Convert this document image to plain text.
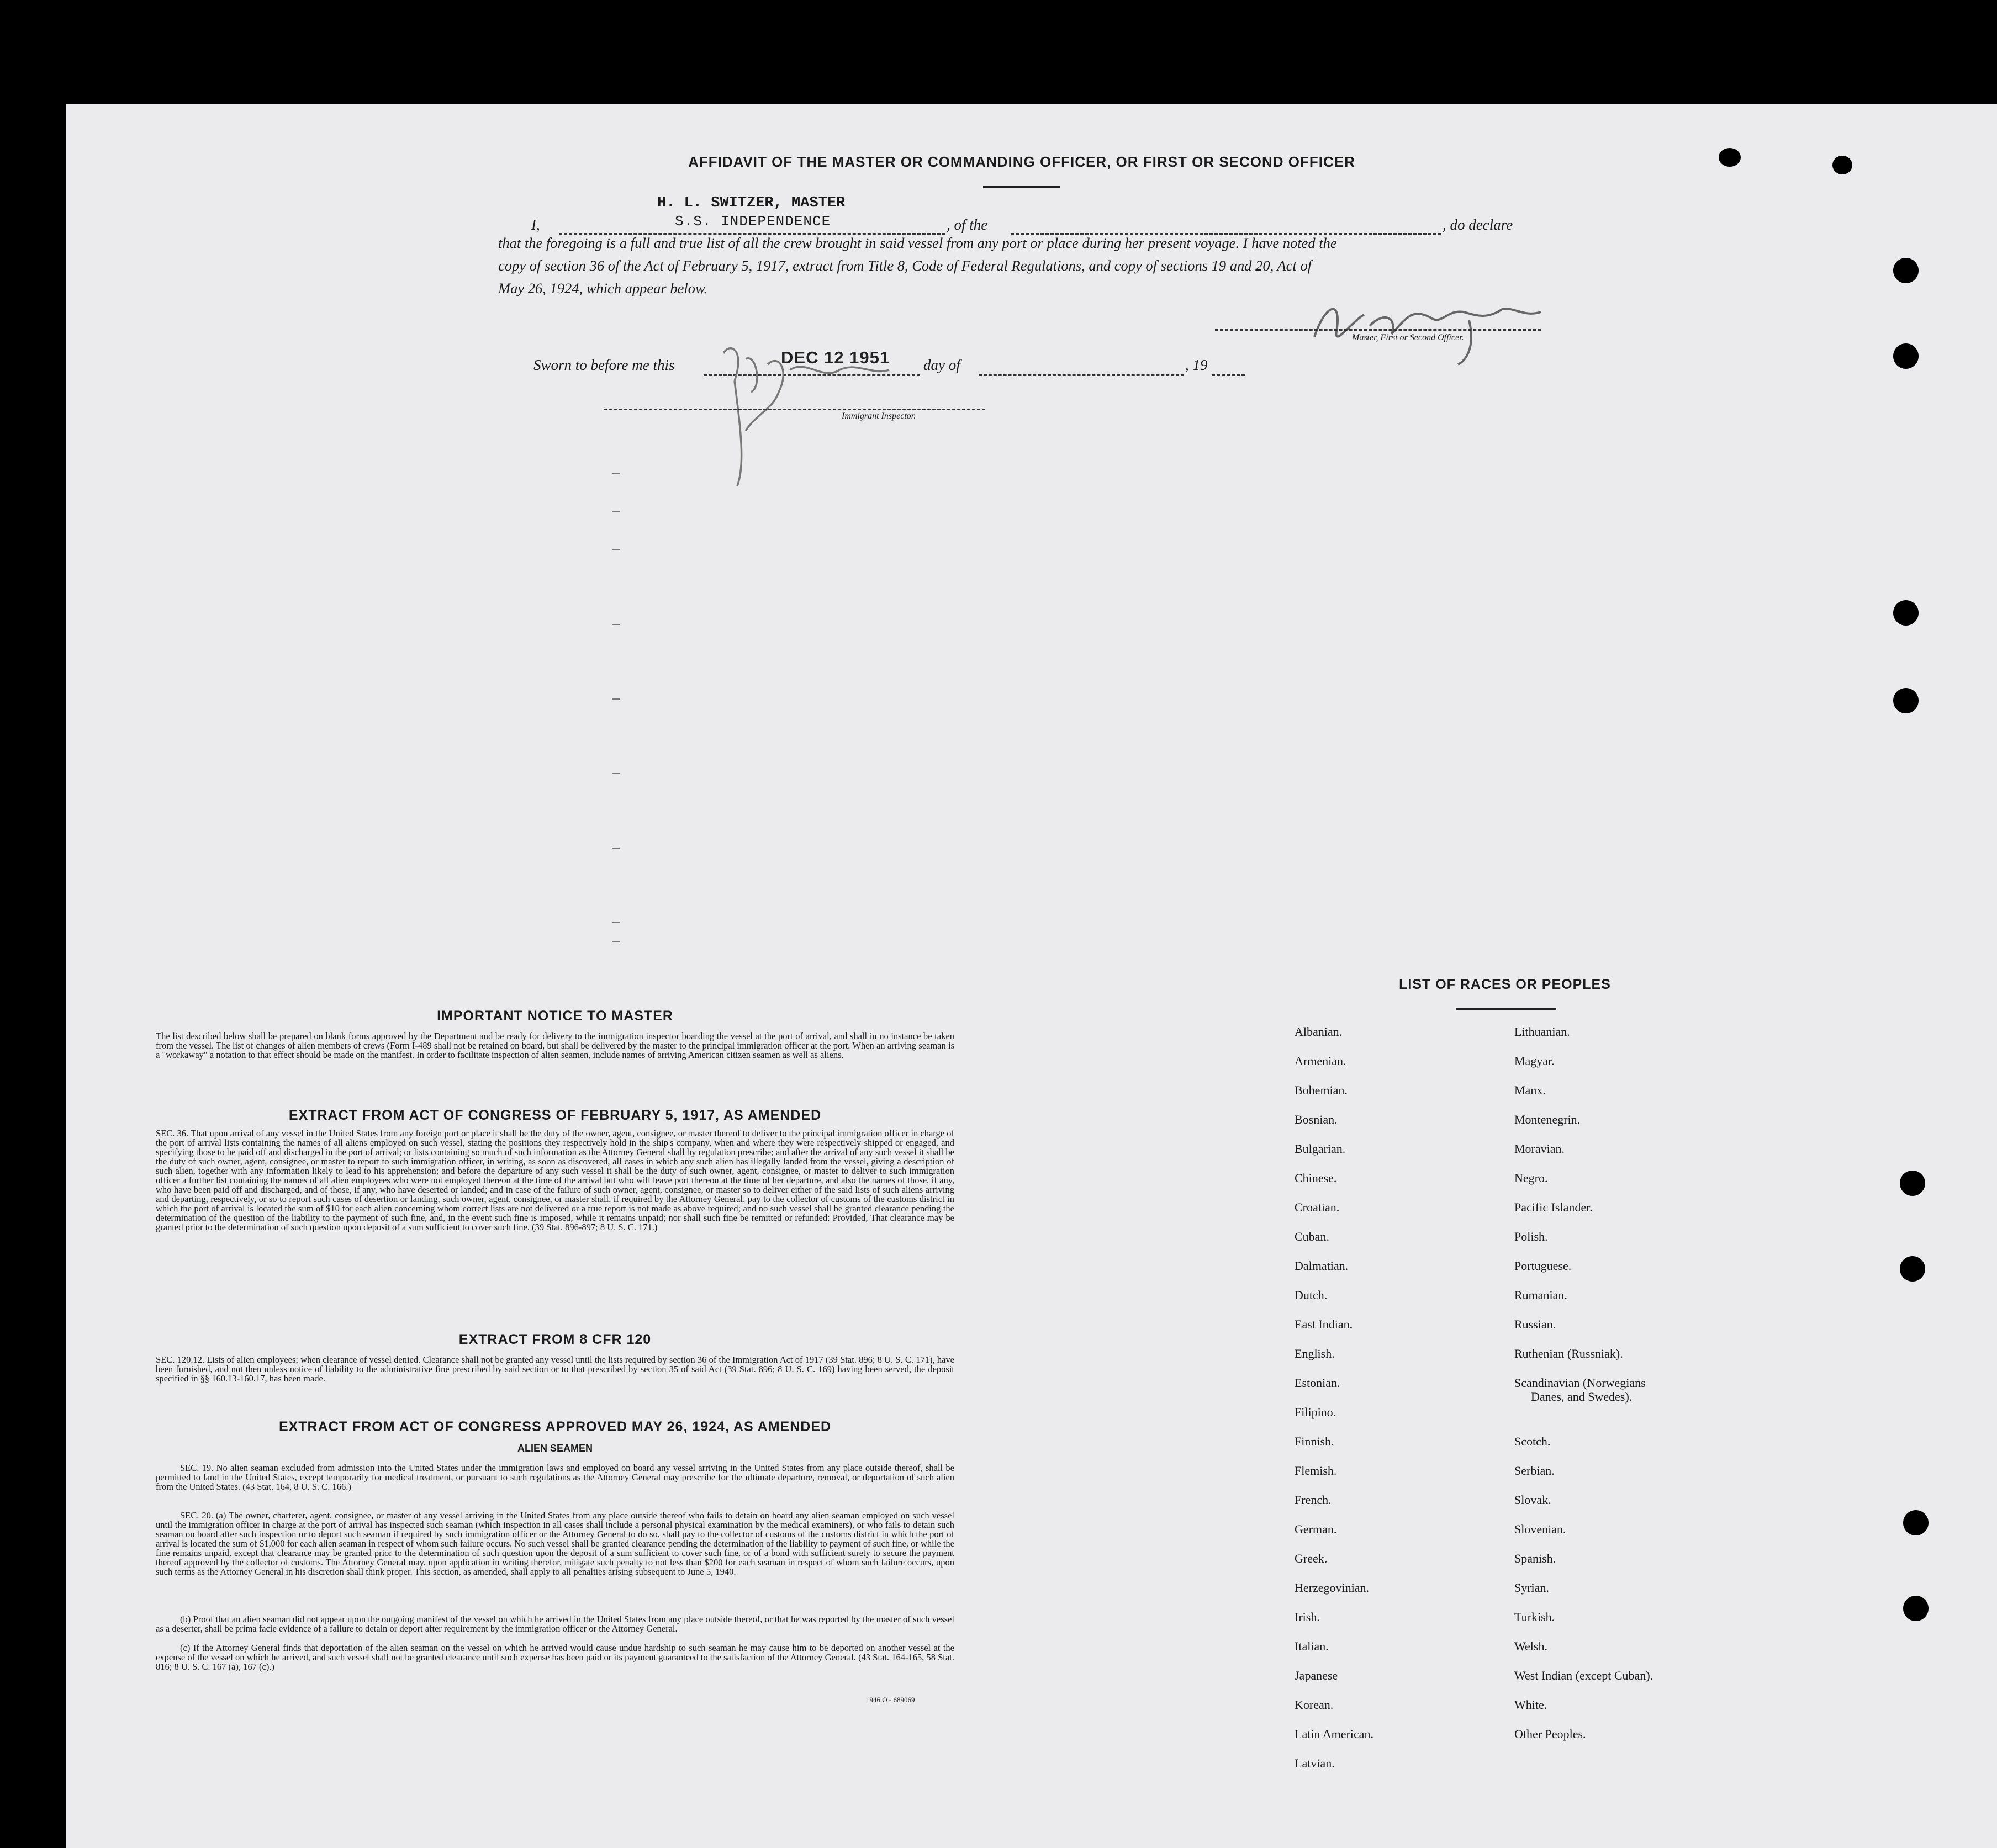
AFFIDAVIT OF THE MASTER OR COMMANDING OFFICER, OR FIRST OR SECOND OFFICER
H. L. SWITZER, MASTER
I,	S.S. INDEPENDENCE	, of the	, do declare
that the foregoing is a full and true list of all the crew brought in said vessel from any port or place during her present voyage. I have noted the
copy of section 36 of the Act of February 5, 1917, extract from Title 8, Code of Federal Regulations, and copy of sections 19 and 20, Act of
May 26, 1924, which appear below.
Master, First or Second Officer.
Sworn to before me this	DEC 12 1951 day of	, 19
Immigrant Inspector.
IMPORTANT NOTICE TO MASTER
The list described below shall be prepared on blank forms approved by the Department and be ready for delivery to the immigration inspector boarding the vessel at the port of arrival, and shall in no instance be taken from the vessel. The list of changes of alien members of crews (Form I-489 shall not be retained on board, but shall be delivered by the master to the principal immigration officer at the port. When an arriving seaman is a "workaway" a notation to that effect should be made on the manifest. In order to facilitate inspection of alien seamen, include names of arriving American citizen seamen as well as aliens.
EXTRACT FROM ACT OF CONGRESS OF FEBRUARY 5, 1917, AS AMENDED
SEC. 36. That upon arrival of any vessel in the United States from any foreign port or place it shall be the duty of the owner, agent, consignee, or master thereof to deliver to the principal immigration officer in charge of the port of arrival lists containing the names of all aliens employed on such vessel, stating the positions they respectively hold in the ship's company, when and where they were respectively shipped or engaged, and specifying those to be paid off and discharged in the port of arrival; or lists containing so much of such information as the Attorney General shall by regulation prescribe; and after the arrival of any such vessel it shall be the duty of such owner, agent, consignee, or master to report to such immigration officer, in writing, as soon as discovered, all cases in which any such alien has illegally landed from the vessel, giving a description of such alien, together with any information likely to lead to his apprehension; and before the departure of any such vessel it shall be the duty of such owner, agent, consignee, or master to deliver to such immigration officer a further list containing the names of all alien employees who were not employed thereon at the time of the arrival but who will leave port thereon at the time of her departure, and also the names of those, if any, who have been paid off and discharged, and of those, if any, who have deserted or landed; and in case of the failure of such owner, agent, consignee, or master so to deliver either of the said lists of such aliens arriving and departing, respectively, or so to report such cases of desertion or landing, such owner, agent, consignee, or master shall, if required by the Attorney General, pay to the collector of customs of the customs district in which the port of arrival is located the sum of $10 for each alien concerning whom correct lists are not delivered or a true report is not made as above required; and no such vessel shall be granted clearance pending the determination of the question of the liability to the payment of such fine, and, in the event such fine is imposed, while it remains unpaid; nor shall such fine be remitted or refunded: Provided, That clearance may be granted prior to the determination of such question upon deposit of a sum sufficient to cover such fine. (39 Stat. 896-897; 8 U. S. C. 171.)
EXTRACT FROM 8 CFR 120
SEC. 120.12. Lists of alien employees; when clearance of vessel denied. Clearance shall not be granted any vessel until the lists required by section 36 of the Immigration Act of 1917 (39 Stat. 896; 8 U. S. C. 171), have been furnished, and not then unless notice of liability to the administrative fine prescribed by said section or to that prescribed by section 35 of said Act (39 Stat. 896; 8 U. S. C. 169) having been served, the deposit specified in §§ 160.13-160.17, has been made.
EXTRACT FROM ACT OF CONGRESS APPROVED MAY 26, 1924, AS AMENDED
ALIEN SEAMEN
SEC. 19. No alien seaman excluded from admission into the United States under the immigration laws and employed on board any vessel arriving in the United States from any place outside thereof, shall be permitted to land in the United States, except temporarily for medical treatment, or pursuant to such regulations as the Attorney General may prescribe for the ultimate departure, removal, or deportation of such alien from the United States. (43 Stat. 164, 8 U. S. C. 166.)
SEC. 20. (a) The owner, charterer, agent, consignee, or master of any vessel arriving in the United States from any place outside thereof who fails to detain on board any alien seaman employed on such vessel until the immigration officer in charge at the port of arrival has inspected such seaman (which inspection in all cases shall include a personal physical examination by the medical examiners), or who fails to detain such seaman on board after such inspection or to deport such seaman if required by such immigration officer or the Attorney General to do so, shall pay to the collector of customs of the customs district in which the port of arrival is located the sum of $1,000 for each alien seaman in respect of whom such failure occurs. No such vessel shall be granted clearance pending the determination of the liability to payment of such fine, or while the fine remains unpaid, except that clearance may be granted prior to the determination of such question upon the deposit of a sum sufficient to cover such fine, or of a bond with sufficient surety to secure the payment thereof approved by the collector of customs. The Attorney General may, upon application in writing therefor, mitigate such penalty to not less than $200 for each seaman in respect of whom such failure occurs, upon such terms as the Attorney General in his discretion shall think proper. This section, as amended, shall apply to all penalties arising subsequent to June 5, 1940.
(b) Proof that an alien seaman did not appear upon the outgoing manifest of the vessel on which he arrived in the United States from any place outside thereof, or that he was reported by the master of such vessel as a deserter, shall be prima facie evidence of a failure to detain or deport after requirement by the immigration officer or the Attorney General.
(c) If the Attorney General finds that deportation of the alien seaman on the vessel on which he arrived would cause undue hardship to such seaman he may cause him to be deported on another vessel at the expense of the vessel on which he arrived, and such vessel shall not be granted clearance until such expense has been paid or its payment guaranteed to the satisfaction of the Attorney General. (43 Stat. 164-165, 58 Stat. 816; 8 U. S. C. 167 (a), 167 (c).)
1946 O - 689069
LIST OF RACES OR PEOPLES
Albanian.
Armenian.
Bohemian.
Bosnian.
Bulgarian.
Chinese.
Croatian.
Cuban.
Dalmatian.
Dutch.
East Indian.
English.
Estonian.
Filipino.
Finnish.
Flemish.
French.
German.
Greek.
Herzegovinian.
Irish.
Italian.
Japanese
Korean.
Latin American.
Latvian.
Lithuanian.
Magyar.
Manx.
Montenegrin.
Moravian.
Negro.
Pacific Islander.
Polish.
Portuguese.
Rumanian.
Russian.
Ruthenian (Russniak).
Scandinavian (Norwegians
Danes, and Swedes).
Scotch.
Serbian.
Slovak.
Slovenian.
Spanish.
Syrian.
Turkish.
Welsh.
West Indian (except Cuban).
White.
Other Peoples.
